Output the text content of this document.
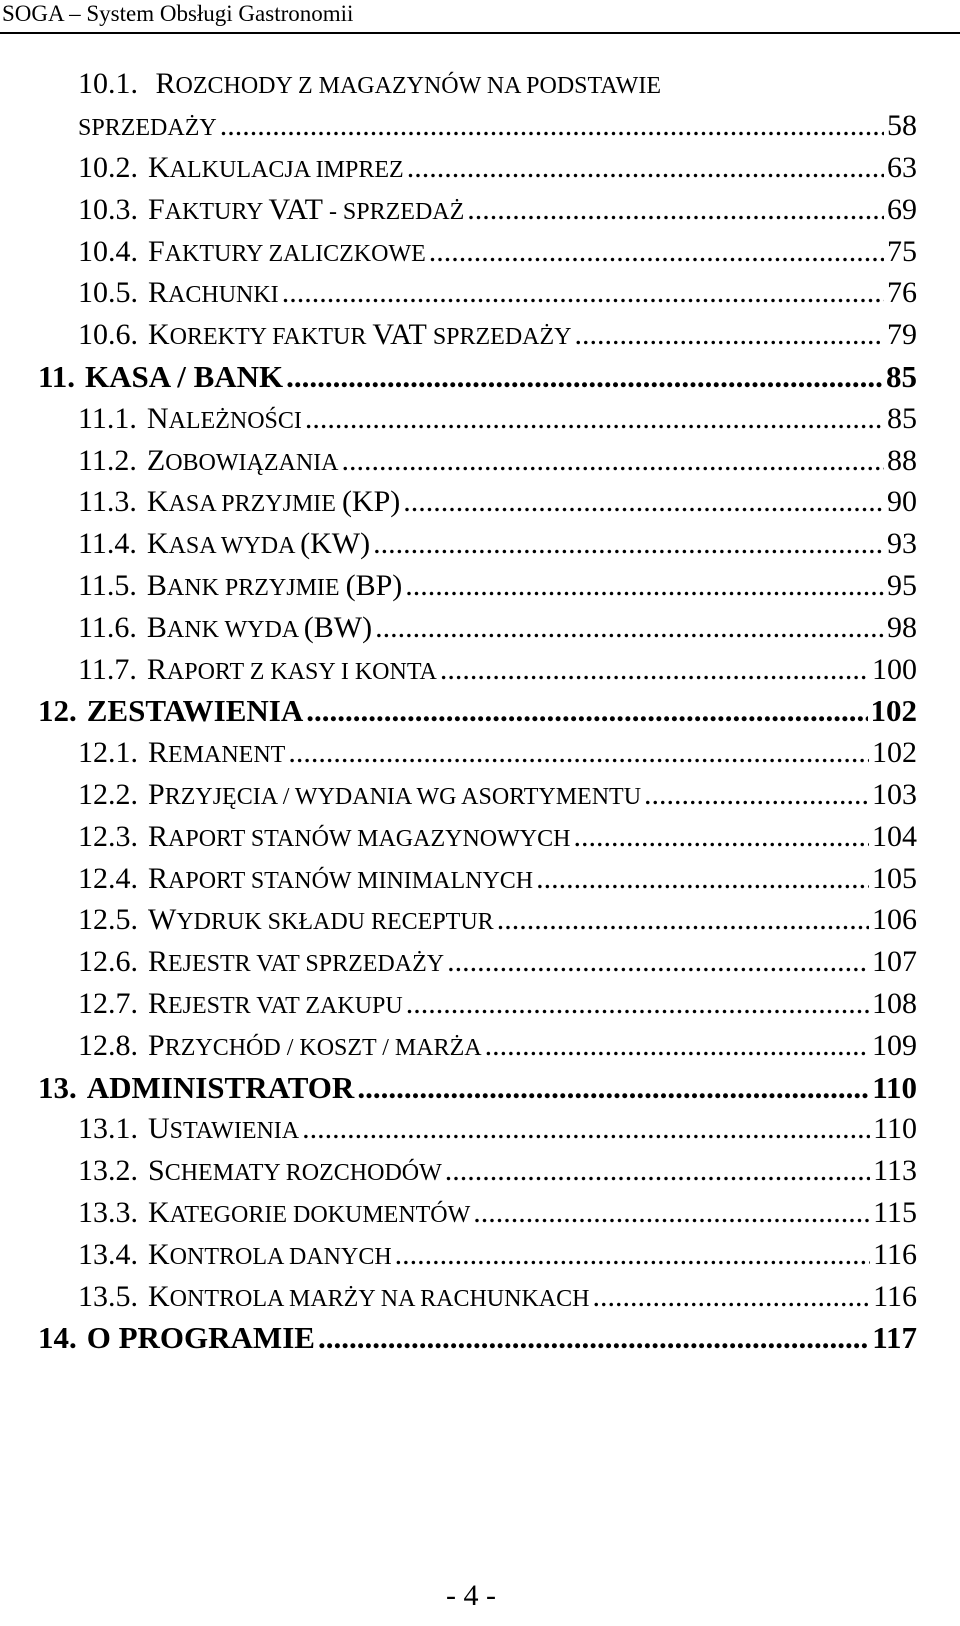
SOGA – System Obsługi Gastronomii
10.1. ROZCHODY Z MAGAZYNÓW NA PODSTAWIE
SPRZEDAŻY .....	58
10.2. KALKULACJA IMPREZ .....	63
10.3. FAKTURY VAT - SPRZEDAŻ .....	69
10.4. FAKTURY ZALICZKOWE .....	75
10.5. RACHUNKI .....	76
10.6. KOREKTY FAKTUR VAT SPRZEDAŻY .....	79
11. KASA / BANK .....	85
11.1. NALEŻNOŚCI .....	85
11.2. ZOBOWIĄZANIA .....	88
11.3. KASA PRZYJMIE (KP) .....	90
11.4. KASA WYDA (KW) .....	93
11.5. BANK PRZYJMIE (BP) .....	95
11.6. BANK WYDA (BW) .....	98
11.7. RAPORT Z KASY I KONTA .....	100
12. ZESTAWIENIA .....	102
12.1. REMANENT .....	102
12.2. PRZYJĘCIA / WYDANIA WG ASORTYMENTU .....	103
12.3. RAPORT STANÓW MAGAZYNOWYCH .....	104
12.4. RAPORT STANÓW MINIMALNYCH .....	105
12.5. WYDRUK SKŁADU RECEPTUR .....	106
12.6. REJESTR VAT SPRZEDAŻY .....	107
12.7. REJESTR VAT ZAKUPU .....	108
12.8. PRZYCHÓD / KOSZT / MARŻA .....	109
13. ADMINISTRATOR .....	110
13.1. USTAWIENIA .....	110
13.2. SCHEMATY ROZCHODÓW .....	113
13.3. KATEGORIE DOKUMENTÓW .....	115
13.4. KONTROLA DANYCH .....	116
13.5. KONTROLA MARŻY NA RACHUNKACH .....	116
14. O PROGRAMIE .....	117
- 4 -
